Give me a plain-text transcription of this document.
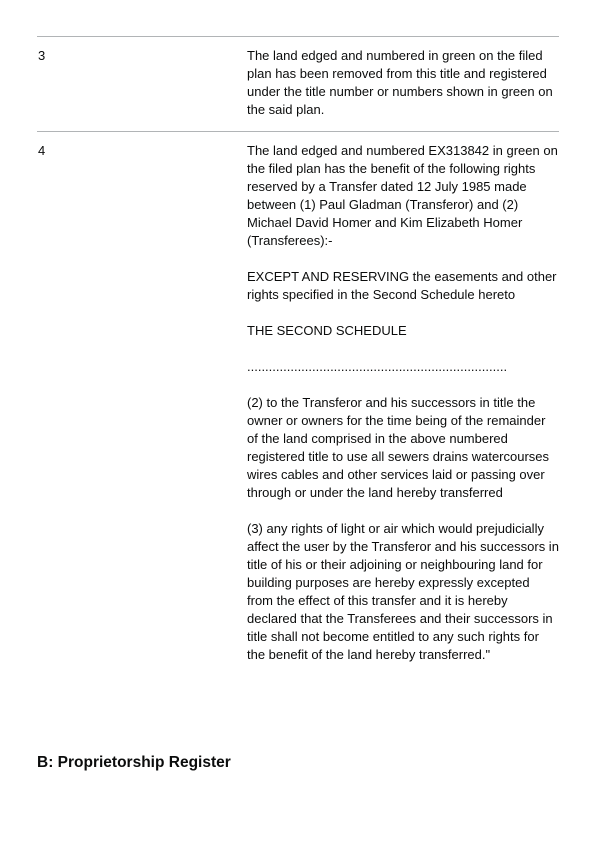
3	The land edged and numbered in green on the filed plan has been removed from this title and registered under the title number or numbers shown in green on the said plan.

4	The land edged and numbered EX313842 in green on the filed plan has the benefit of the following rights reserved by a Transfer dated 12 July 1985 made between (1) Paul Gladman (Transferor) and (2) Michael David Homer and Kim Elizabeth Homer (Transferees):-

EXCEPT AND RESERVING the easements and other rights specified in the Second Schedule hereto

THE SECOND SCHEDULE

........................................................................

(2) to the Transferor and his successors in title the owner or owners for the time being of the remainder of the land comprised in the above numbered registered title to use all sewers drains watercourses wires cables and other services laid or passing over through or under the land hereby transferred

(3) any rights of light or air which would prejudicially affect the user by the Transferor and his successors in title of his or their adjoining or neighbouring land for building purposes are hereby expressly excepted from the effect of this transfer and it is hereby declared that the Transferees and their successors in title shall not become entitled to any such rights for the benefit of the land hereby transferred."

B: Proprietorship Register
